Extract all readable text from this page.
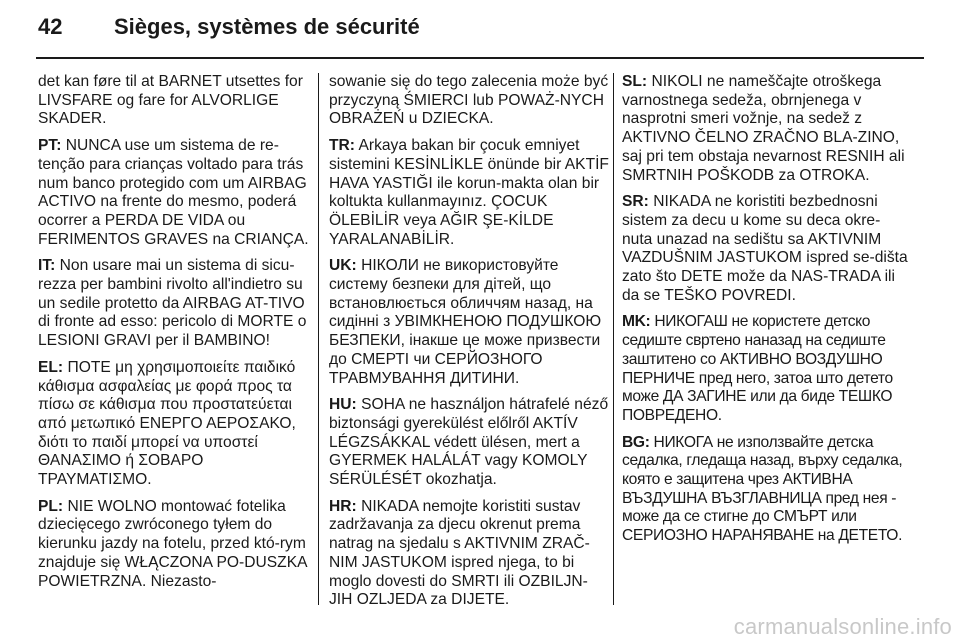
42	Sièges, systèmes de sécurité

det kan føre til at BARNET utsettes for LIVSFARE og fare for ALVORLIGE SKADER.

PT: NUNCA use um sistema de re-tenção para crianças voltado para trás num banco protegido com um AIRBAG ACTIVO na frente do mesmo, poderá ocorrer a PERDA DE VIDA ou FERIMENTOS GRAVES na CRIANÇA.

IT: Non usare mai un sistema di sicu-rezza per bambini rivolto all'indietro su un sedile protetto da AIRBAG AT-TIVO di fronte ad esso: pericolo di MORTE o LESIONI GRAVI per il BAMBINO!

EL: ΠΟΤΕ μη χρησιμοποιείτε παιδικό κάθισμα ασφαλείας με φορά προς τα πίσω σε κάθισμα που προστατεύεται από μετωπικό ΕΝΕΡΓΟ ΑΕΡΟΣΑΚΟ, διότι το παιδί μπορεί να υποστεί ΘΑΝΑΣΙΜΟ ή ΣΟΒΑΡΟ ΤΡΑΥΜΑΤΙΣΜΟ.

PL: NIE WOLNO montować fotelika dziecięcego zwróconego tyłem do kierunku jazdy na fotelu, przed któ-rym znajduje się WŁĄCZONA PO-DUSZKA POWIETRZNA. Niezasto-

sowanie się do tego zalecenia może być przyczyną ŚMIERCI lub POWAŻ-NYCH OBRAŻEŃ u DZIECKA.

TR: Arkaya bakan bir çocuk emniyet sistemini KESİNLİKLE önünde bir AKTİF HAVA YASTIĞI ile korun-makta olan bir koltukta kullanmayınız. ÇOCUK ÖLEBİLİR veya AĞIR ŞE-KİLDE YARALANABİLİR.

UK: НІКОЛИ не використовуйте систему безпеки для дітей, що встановлюється обличчям назад, на сидінні з УВІМКНЕНОЮ ПОДУШКОЮ БЕЗПЕКИ, інакше це може призвести до СМЕРТІ чи СЕРЙОЗНОГО ТРАВМУВАННЯ ДИТИНИ.

HU: SOHA ne használjon hátrafelé néző biztonsági gyerekülést előlről AKTÍV LÉGZSÁKKAL védett ülésen, mert a GYERMEK HALÁLÁT vagy KOMOLY SÉRÜLÉSÉT okozhatja.

HR: NIKADA nemojte koristiti sustav zadržavanja za djecu okrenut prema natrag na sjedalu s AKTIVNIM ZRAČ-NIM JASTUKOM ispred njega, to bi moglo dovesti do SMRTI ili OZBILJN-JIH OZLJEDA za DIJETE.

SL: NIKOLI ne nameščajte otroškega varnostnega sedeža, obrnjenega v nasprotni smeri vožnje, na sedež z AKTIVNO ČELNO ZRAČNO BLA-ZINO, saj pri tem obstaja nevarnost RESNIH ali SMRTNIH POŠKODB za OTROKA.

SR: NIKADA ne koristiti bezbednosni sistem za decu u kome su deca okre-nuta unazad na sedištu sa AKTIVNIM VAZDUŠNIM JASTUKOM ispred se-dišta zato što DETE može da NAS-TRADA ili da se TEŠKO POVREDI.

MK: НИКОГАШ не користете детско седиште свртено наназад на седиште заштитено со АКТИВНО ВОЗДУШНО ПЕРНИЧЕ пред него, затоа што детето може ДА ЗАГИНЕ или да биде ТЕШКО ПОВРЕДЕНО.

BG: НИКОГА не използвайте детска седалка, гледаща назад, върху седалка, която е защитена чрез АКТИВНА ВЪЗДУШНА ВЪЗГЛАВНИЦА пред нея - може да се стигне до СМЪРТ или СЕРИОЗНО НАРАНЯВАНЕ на ДЕТЕТО.

carmanualsonline.info
